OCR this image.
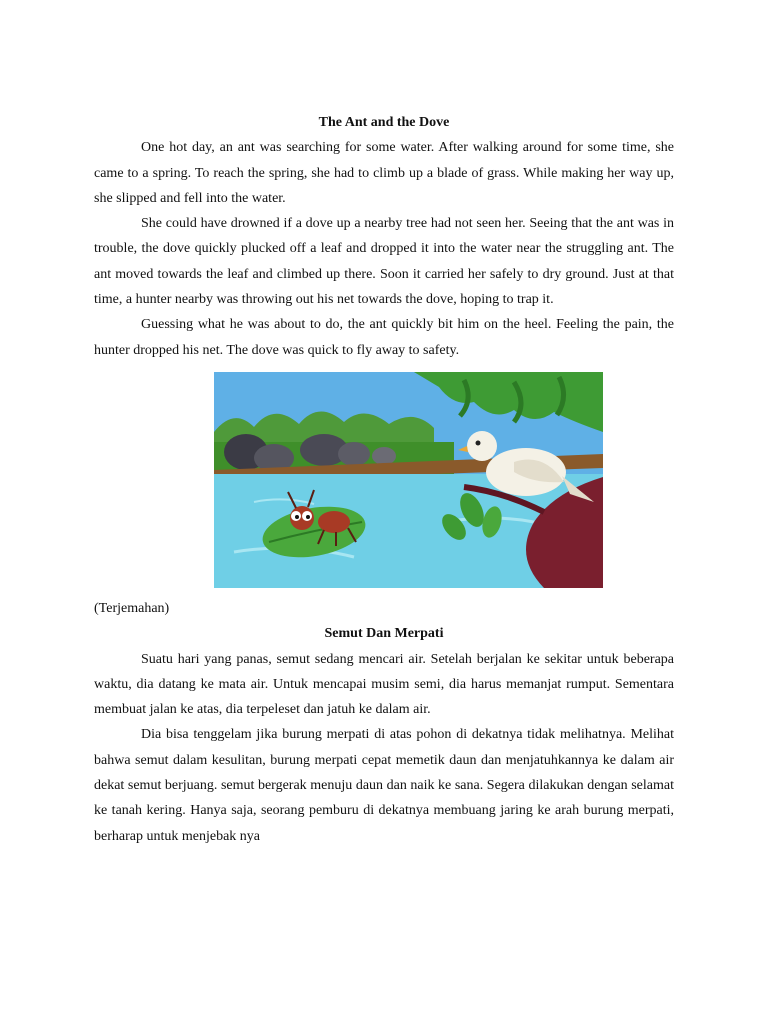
The Ant and the Dove

One hot day, an ant was searching for some water. After walking around for some time, she came to a spring. To reach the spring, she had to climb up a blade of grass. While making her way up, she slipped and fell into the water.

She could have drowned if a dove up a nearby tree had not seen her. Seeing that the ant was in trouble, the dove quickly plucked off a leaf and dropped it into the water near the struggling ant. The ant moved towards the leaf and climbed up there. Soon it carried her safely to dry ground. Just at that time, a hunter nearby was throwing out his net towards the dove, hoping to trap it.

Guessing what he was about to do, the ant quickly bit him on the heel. Feeling the pain, the hunter dropped his net. The dove was quick to fly away to safety.

(Terjemahan)

Semut Dan Merpati

Suatu hari yang panas, semut sedang mencari air. Setelah berjalan ke sekitar untuk beberapa waktu, dia datang ke mata air. Untuk mencapai musim semi, dia harus memanjat rumput. Sementara membuat jalan ke atas, dia terpeleset dan jatuh ke dalam air.

Dia bisa tenggelam jika burung merpati di atas pohon di dekatnya tidak melihatnya. Melihat bahwa semut dalam kesulitan, burung merpati cepat memetik daun dan menjatuhkannya ke dalam air dekat semut berjuang. semut bergerak menuju daun dan naik ke sana. Segera dilakukan dengan selamat ke tanah kering. Hanya saja, seorang pemburu di dekatnya membuang jaring ke arah burung merpati, berharap untuk menjebak nya
